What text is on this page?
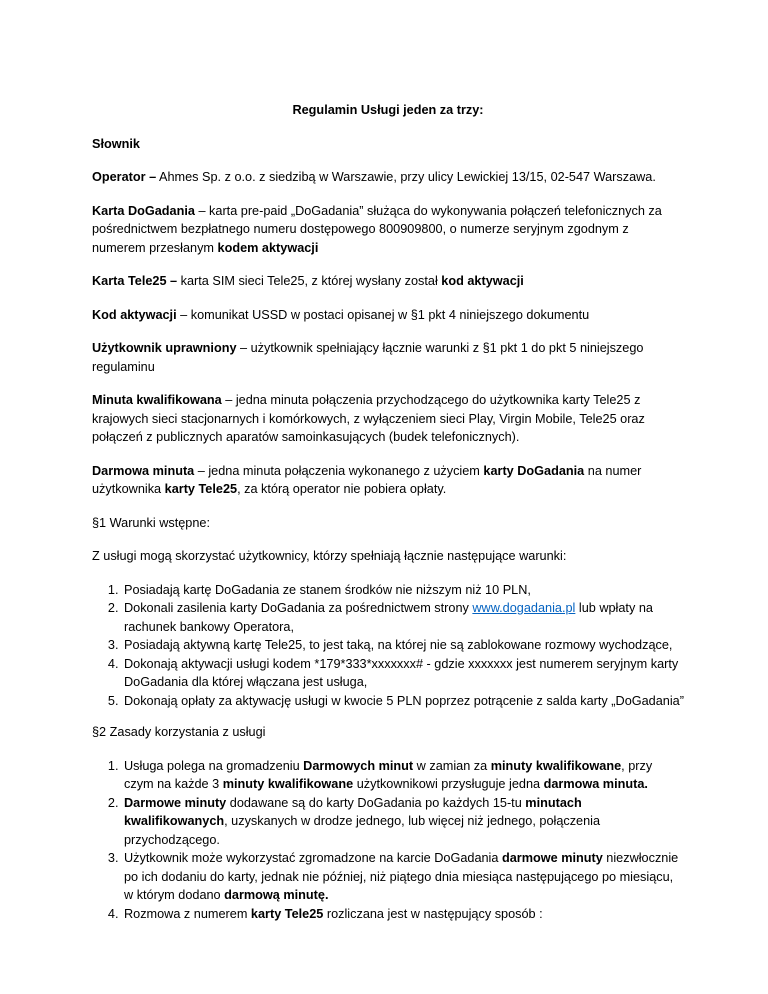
Regulamin Usługi jeden za trzy:

Słownik

Operator – Ahmes Sp. z o.o. z siedzibą w Warszawie, przy ulicy Lewickiej 13/15, 02-547 Warszawa.

Karta DoGadania – karta pre-paid „DoGadania” służąca do wykonywania połączeń telefonicznych za pośrednictwem bezpłatnego numeru dostępowego 800909800, o numerze seryjnym zgodnym z numerem przesłanym kodem aktywacji

Karta Tele25 – karta SIM sieci Tele25, z której wysłany został kod aktywacji

Kod aktywacji – komunikat USSD w postaci opisanej w §1 pkt 4 niniejszego dokumentu

Użytkownik uprawniony – użytkownik spełniający łącznie warunki z §1 pkt 1 do pkt 5 niniejszego regulaminu

Minuta kwalifikowana – jedna minuta połączenia przychodzącego do użytkownika karty Tele25 z krajowych sieci stacjonarnych i komórkowych, z wyłączeniem sieci Play, Virgin Mobile, Tele25 oraz połączeń z publicznych aparatów samoinkasujących (budek telefonicznych).

Darmowa minuta – jedna minuta połączenia wykonanego z użyciem karty DoGadania na numer użytkownika karty Tele25, za którą operator nie pobiera opłaty.

§1 Warunki wstępne:

Z usługi mogą skorzystać użytkownicy, którzy spełniają łącznie następujące warunki:

1. Posiadają kartę DoGadania ze stanem środków nie niższym niż 10 PLN,
2. Dokonali zasilenia karty DoGadania za pośrednictwem strony www.dogadania.pl lub wpłaty na rachunek bankowy Operatora,
3. Posiadają aktywną kartę Tele25, to jest taką, na której nie są zablokowane rozmowy wychodzące,
4. Dokonają aktywacji usługi kodem *179*333*xxxxxxx# - gdzie xxxxxxx jest numerem seryjnym karty DoGadania dla której włączana jest usługa,
5. Dokonają opłaty za aktywację usługi w kwocie 5 PLN poprzez potrącenie z salda karty „DoGadania”

§2 Zasady korzystania z usługi

1. Usługa polega na gromadzeniu Darmowych minut w zamian za minuty kwalifikowane, przy czym na każde 3 minuty kwalifikowane użytkownikowi przysługuje jedna darmowa minuta.
2. Darmowe minuty dodawane są do karty DoGadania po każdych 15-tu minutach kwalifikowanych, uzyskanych w drodze jednego, lub więcej niż jednego, połączenia przychodzącego.
3. Użytkownik może wykorzystać zgromadzone na karcie DoGadania darmowe minuty niezwłocznie po ich dodaniu do karty, jednak nie później, niż piątego dnia miesiąca następującego po miesiącu, w którym dodano darmową minutę.
4. Rozmowa z numerem karty Tele25 rozliczana jest w następujący sposób :
